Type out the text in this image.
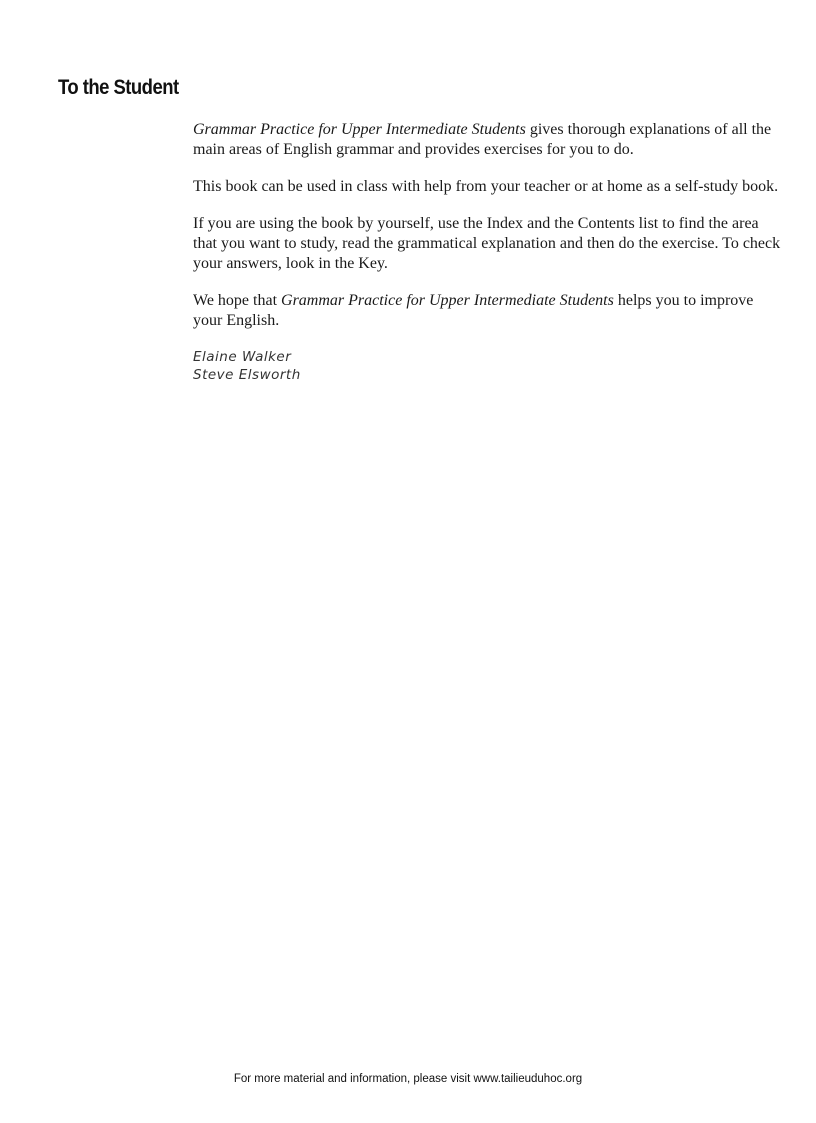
To the Student

Grammar Practice for Upper Intermediate Students gives thorough explanations of all the main areas of English grammar and provides exercises for you to do.

This book can be used in class with help from your teacher or at home as a self-study book.

If you are using the book by yourself, use the Index and the Contents list to find the area that you want to study, read the grammatical explanation and then do the exercise. To check your answers, look in the Key.

We hope that Grammar Practice for Upper Intermediate Students helps you to improve your English.

Elaine Walker
Steve Elsworth
For more material and information, please visit www.tailieuduhoc.org
